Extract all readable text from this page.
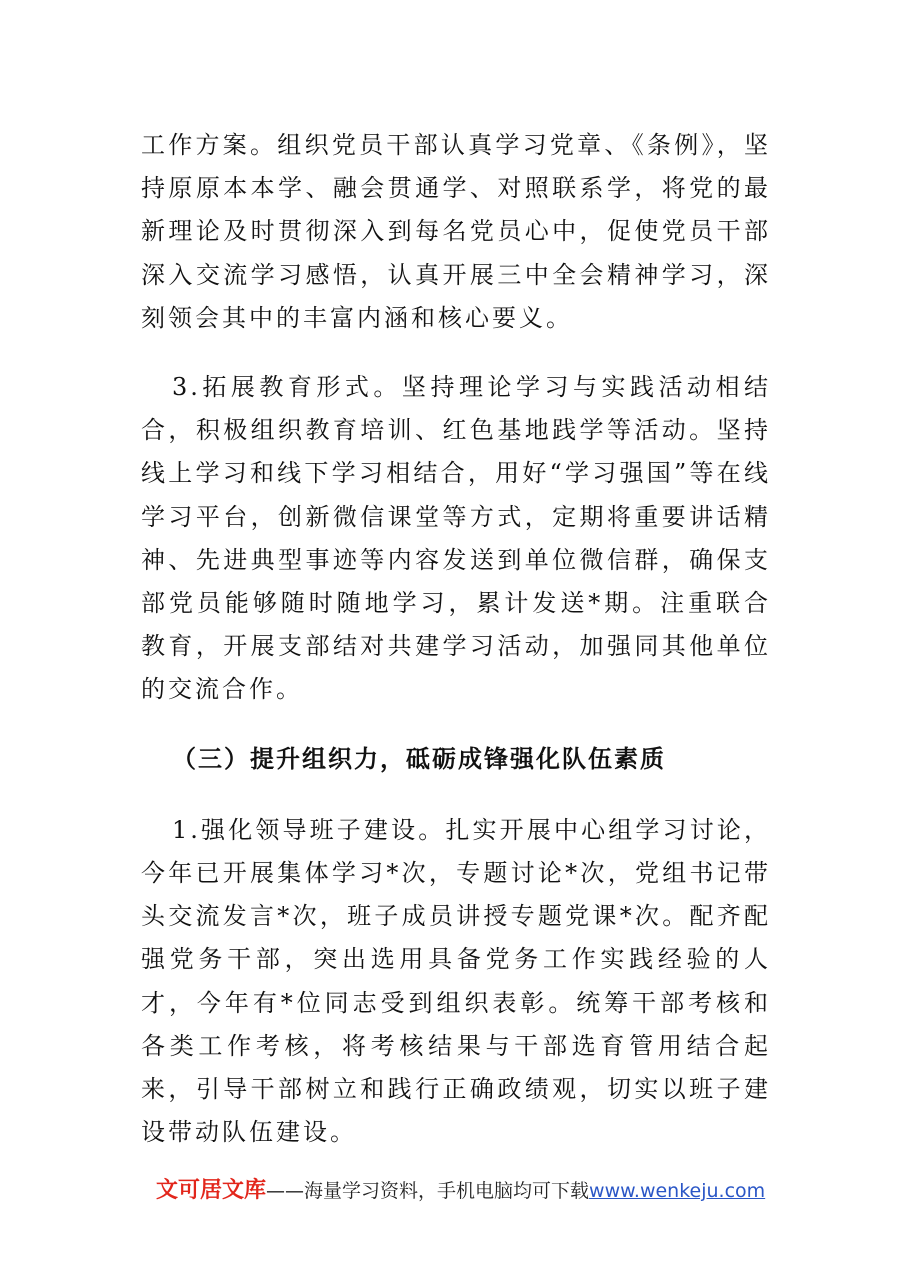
工作方案。组织党员干部认真学习党章、《条例》，坚持原原本本学、融会贯通学、对照联系学，将党的最新理论及时贯彻深入到每名党员心中，促使党员干部深入交流学习感悟，认真开展三中全会精神学习，深刻领会其中的丰富内涵和核心要义。

3.拓展教育形式。坚持理论学习与实践活动相结合，积极组织教育培训、红色基地践学等活动。坚持线上学习和线下学习相结合，用好“学习强国”等在线学习平台，创新微信课堂等方式，定期将重要讲话精神、先进典型事迹等内容发送到单位微信群，确保支部党员能够随时随地学习，累计发送*期。注重联合教育，开展支部结对共建学习活动，加强同其他单位的交流合作。

（三）提升组织力，砥砺成锋强化队伍素质

1.强化领导班子建设。扎实开展中心组学习讨论，今年已开展集体学习*次，专题讨论*次，党组书记带头交流发言*次，班子成员讲授专题党课*次。配齐配强党务干部，突出选用具备党务工作实践经验的人才，今年有*位同志受到组织表彰。统筹干部考核和各类工作考核，将考核结果与干部选育管用结合起来，引导干部树立和践行正确政绩观，切实以班子建设带动队伍建设。

文可居文库——海量学习资料，手机电脑均可下载www.wenkeju.com
